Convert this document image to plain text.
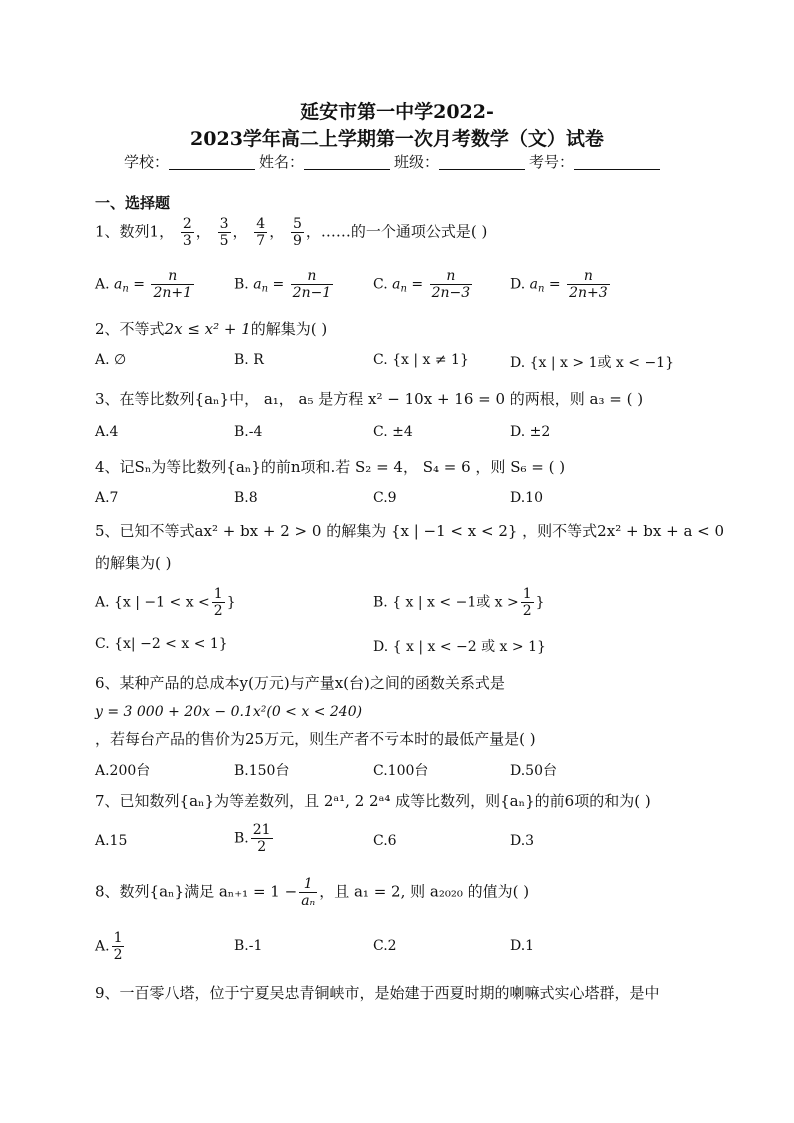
延安市第一中学2022-
2023学年高二上学期第一次月考数学（文）试卷
学校：	姓名：	班级：	考号：
一、选择题
1、数列1， $\frac{2}{3}$ ， $\frac{3}{5}$ ， $\frac{4}{7}$ ， $\frac{5}{9}$ ，……的一个通项公式是( )
A. $a_n = \frac{n}{2n+1}$	B. $a_n = \frac{n}{2n-1}$	C. $a_n = \frac{n}{2n-3}$	D. $a_n = \frac{n}{2n+3}$
2、不等式2x ≤ x² + 1的解集为( )
A. ∅	B. R	C. {x | x ≠ 1}	D. {x | x > 1或 x < −1}
3、在等比数列{aₙ}中， a₁， a₅ 是方程 x² − 10x + 16 = 0 的两根，则 a₃ = ( )
A.4	B.-4	C. ±4	D. ±2
4、记Sₙ为等比数列{aₙ}的前n项和.若 S₂ = 4， S₄ = 6 ，则 S₆ = ( )
A.7	B.8	C.9	D.10
5、已知不等式ax² + bx + 2 > 0 的解集为 {x | −1 < x < 2} ，则不等式2x² + bx + a < 0
的解集为( )
A. {x | $-1 < x < \frac{1}{2}$ }	B. { x | x < −1或 $x > \frac{1}{2}$ }
C. {x| −2 < x < 1}	D. { x | x < −2 或 x > 1}
6、某种产品的总成本y(万元)与产量x(台)之间的函数关系式是
y = 3 000 + 20x − 0.1x²(0 < x < 240)
，若每台产品的售价为25万元，则生产者不亏本时的最低产量是( )
A.200台	B.150台	C.100台	D.50台
7、已知数列{aₙ}为等差数列，且 2ᵃ¹, 2 2ᵃ⁴ 成等比数列，则{aₙ}的前6项的和为( )
A.15	B. $\frac{21}{2}$	C.6	D.3
8、数列{aₙ}满足 $a_{n+1} = 1 - \frac{1}{\text{aₙ}}$ ，且 a₁ = 2, 则 a₂₀₂₀ 的值为( )
A. $\frac{1}{2}$	B.-1	C.2	D.1
9、一百零八塔，位于宁夏吴忠青铜峡市，是始建于西夏时期的喇嘛式实心塔群，是中
